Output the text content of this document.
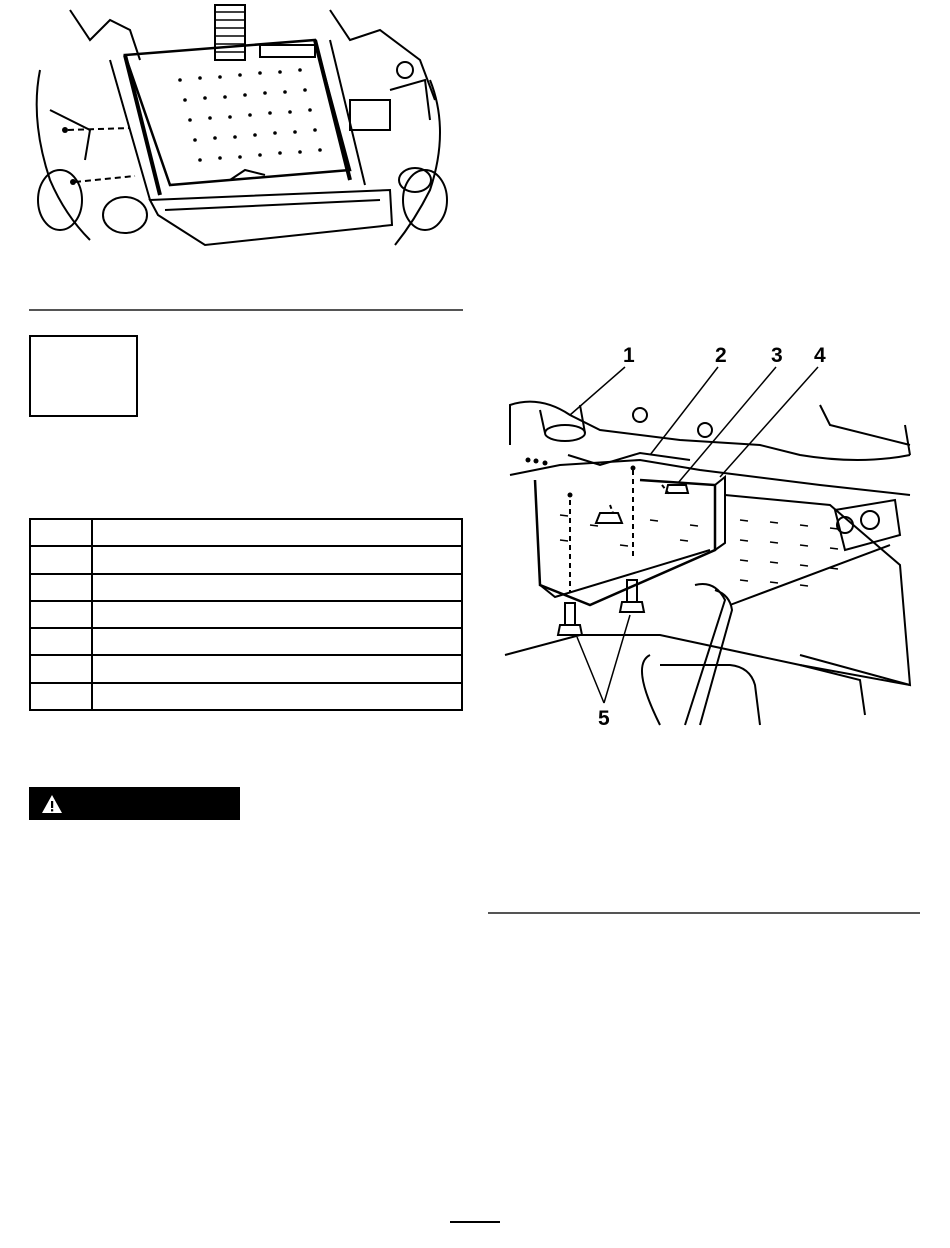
1	2 3 4
5
